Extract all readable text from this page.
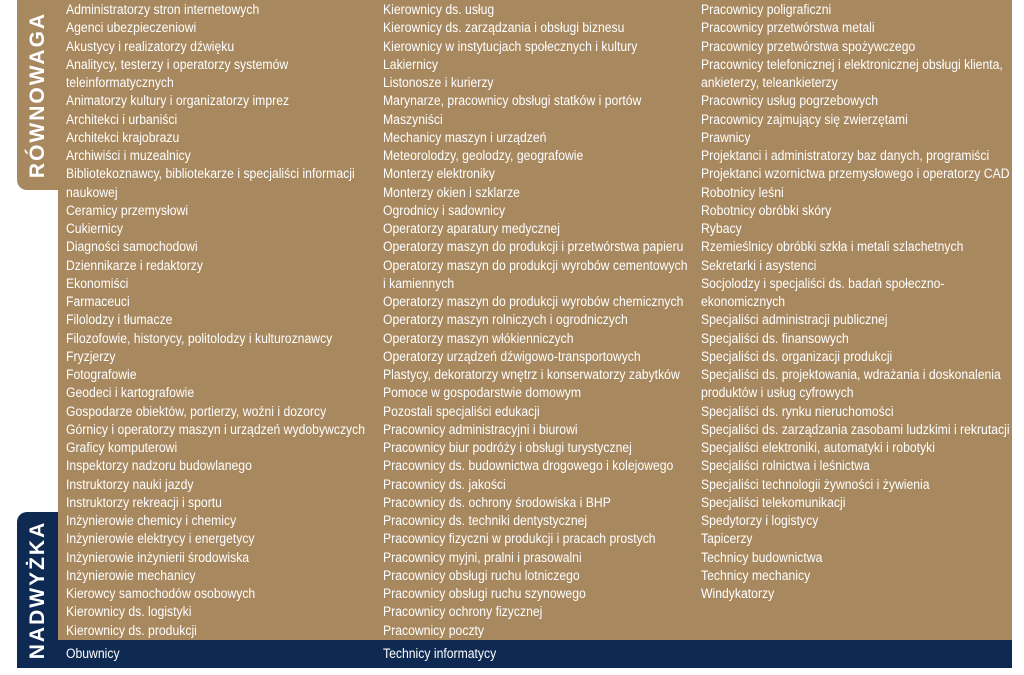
RÓWNOWAGA
NADWYŻKA
Administratorzy stron internetowych
Agenci ubezpieczeniowi
Akustycy i realizatorzy dźwięku
Analitycy, testerzy i operatorzy systemów
teleinformatycznych
Animatorzy kultury i organizatorzy imprez
Architekci i urbaniści
Architekci krajobrazu
Archiwiści i muzealnicy
Bibliotekoznawcy, bibliotekarze i specjaliści informacji
naukowej
Ceramicy przemysłowi
Cukiernicy
Diagności samochodowi
Dziennikarze i redaktorzy
Ekonomiści
Farmaceuci
Filolodzy i tłumacze
Filozofowie, historycy, politolodzy i kulturoznawcy
Fryzjerzy
Fotografowie
Geodeci i kartografowie
Gospodarze obiektów, portierzy, woźni i dozorcy
Górnicy i operatorzy maszyn i urządzeń wydobywczych
Graficy komputerowi
Inspektorzy nadzoru budowlanego
Instruktorzy nauki jazdy
Instruktorzy rekreacji i sportu
Inżynierowie chemicy i chemicy
Inżynierowie elektrycy i energetycy
Inżynierowie inżynierii środowiska
Inżynierowie mechanicy
Kierowcy samochodów osobowych
Kierownicy ds. logistyki
Kierownicy ds. produkcji
Kierownicy ds. usług
Kierownicy ds. zarządzania i obsługi biznesu
Kierownicy w instytucjach społecznych i kultury
Lakiernicy
Listonosze i kurierzy
Marynarze, pracownicy obsługi statków i portów
Maszyniści
Mechanicy maszyn i urządzeń
Meteorolodzy, geolodzy, geografowie
Monterzy elektroniky
Monterzy okien i szklarze
Ogrodnicy i sadownicy
Operatorzy aparatury medycznej
Operatorzy maszyn do produkcji i przetwórstwa papieru
Operatorzy maszyn do produkcji wyrobów cementowych
i kamiennych
Operatorzy maszyn do produkcji wyrobów chemicznych
Operatorzy maszyn rolniczych i ogrodniczych
Operatorzy maszyn włókienniczych
Operatorzy urządzeń dźwigowo-transportowych
Plastycy, dekoratorzy wnętrz i konserwatorzy zabytków
Pomoce w gospodarstwie domowym
Pozostali specjaliści edukacji
Pracownicy administracyjni i biurowi
Pracownicy biur podróży i obsługi turystycznej
Pracownicy ds. budownictwa drogowego i kolejowego
Pracownicy ds. jakości
Pracownicy ds. ochrony środowiska i BHP
Pracownicy ds. techniki dentystycznej
Pracownicy fizyczni w produkcji i pracach prostych
Pracownicy myjni, pralni i prasowalni
Pracownicy obsługi ruchu lotniczego
Pracownicy obsługi ruchu szynowego
Pracownicy ochrony fizycznej
Pracownicy poczty
Pracownicy poligraficzni
Pracownicy przetwórstwa metali
Pracownicy przetwórstwa spożywczego
Pracownicy telefonicznej i elektronicznej obsługi klienta,
ankieterzy, teleankieterzy
Pracownicy usług pogrzebowych
Pracownicy zajmujący się zwierzętami
Prawnicy
Projektanci i administratorzy baz danych, programiści
Projektanci wzornictwa przemysłowego i operatorzy CAD
Robotnicy leśni
Robotnicy obróbki skóry
Rybacy
Rzemieślnicy obróbki szkła i metali szlachetnych
Sekretarki i asystenci
Socjolodzy i specjaliści ds. badań społeczno-
ekonomicznych
Specjaliści administracji publicznej
Specjaliści ds. finansowych
Specjaliści ds. organizacji produkcji
Specjaliści ds. projektowania, wdrażania i doskonalenia
produktów i usług cyfrowych
Specjaliści ds. rynku nieruchomości
Specjaliści ds. zarządzania zasobami ludzkimi i rekrutacji
Specjaliści elektroniki, automatyki i robotyki
Specjaliści rolnictwa i leśnictwa
Specjaliści technologii żywności i żywienia
Specjaliści telekomunikacji
Spedytorzy i logistycy
Tapicerzy
Technicy budownictwa
Technicy mechanicy
Windykatorzy
Obuwnicy	Technicy informatycy
